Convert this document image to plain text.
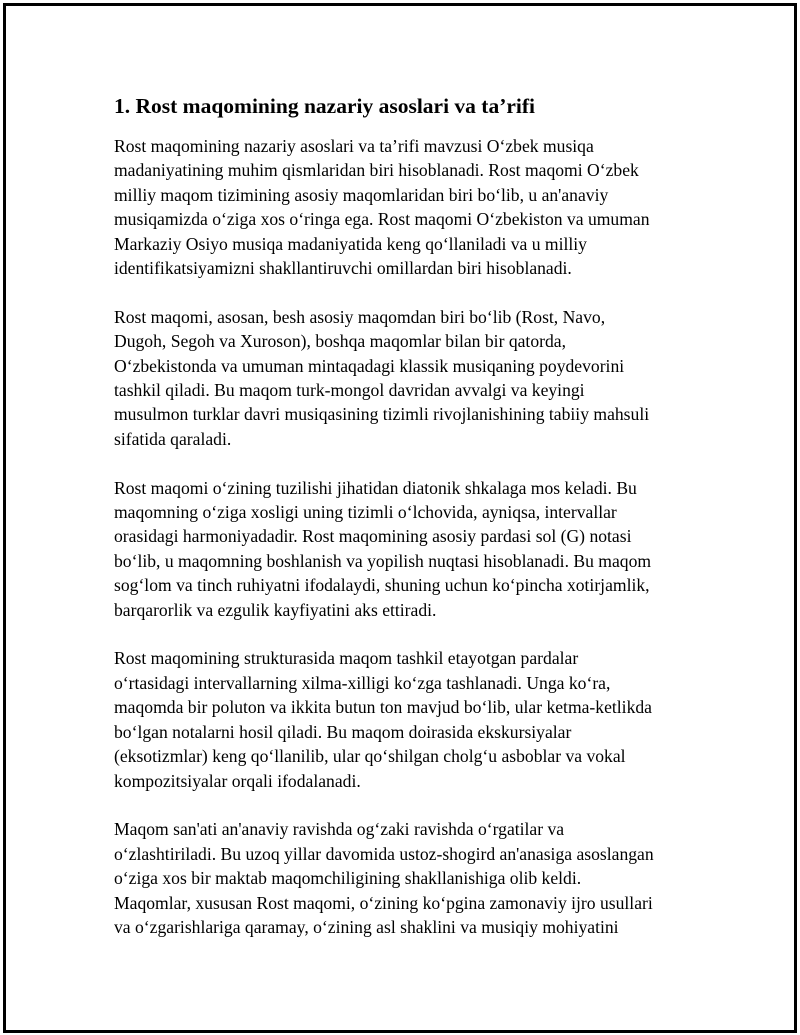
1. Rost maqomining nazariy asoslari va ta’rifi

Rost maqomining nazariy asoslari va ta’rifi mavzusi O‘zbek musiqa
madaniyatining muhim qismlaridan biri hisoblanadi. Rost maqomi O‘zbek
milliy maqom tizimining asosiy maqomlaridan biri bo‘lib, u an'anaviy
musiqamizda o‘ziga xos o‘ringa ega. Rost maqomi O‘zbekiston va umuman
Markaziy Osiyo musiqa madaniyatida keng qo‘llaniladi va u milliy
identifikatsiyamizni shakllantiruvchi omillardan biri hisoblanadi.

Rost maqomi, asosan, besh asosiy maqomdan biri bo‘lib (Rost, Navo,
Dugoh, Segoh va Xuroson), boshqa maqomlar bilan bir qatorda,
O‘zbekistonda va umuman mintaqadagi klassik musiqaning poydevorini
tashkil qiladi. Bu maqom turk-mongol davridan avvalgi va keyingi
musulmon turklar davri musiqasining tizimli rivojlanishining tabiiy mahsuli
sifatida qaraladi.

Rost maqomi o‘zining tuzilishi jihatidan diatonik shkalaga mos keladi. Bu
maqomning o‘ziga xosligi uning tizimli o‘lchovida, ayniqsa, intervallar
orasidagi harmoniyadadir. Rost maqomining asosiy pardasi sol (G) notasi
bo‘lib, u maqomning boshlanish va yopilish nuqtasi hisoblanadi. Bu maqom
sog‘lom va tinch ruhiyatni ifodalaydi, shuning uchun ko‘pincha xotirjamlik,
barqarorlik va ezgulik kayfiyatini aks ettiradi.

Rost maqomining strukturasida maqom tashkil etayotgan pardalar
o‘rtasidagi intervallarning xilma-xilligi ko‘zga tashlanadi. Unga ko‘ra,
maqomda bir poluton va ikkita butun ton mavjud bo‘lib, ular ketma-ketlikda
bo‘lgan notalarni hosil qiladi. Bu maqom doirasida ekskursiyalar
(eksotizmlar) keng qo‘llanilib, ular qo‘shilgan cholg‘u asboblar va vokal
kompozitsiyalar orqali ifodalanadi.

Maqom san'ati an'anaviy ravishda og‘zaki ravishda o‘rgatilar va
o‘zlashtiriladi. Bu uzoq yillar davomida ustoz-shogird an'anasiga asoslangan
o‘ziga xos bir maktab maqomchiligining shakllanishiga olib keldi.
Maqomlar, xususan Rost maqomi, o‘zining ko‘pgina zamonaviy ijro usullari
va o‘zgarishlariga qaramay, o‘zining asl shaklini va musiqiy mohiyatini
